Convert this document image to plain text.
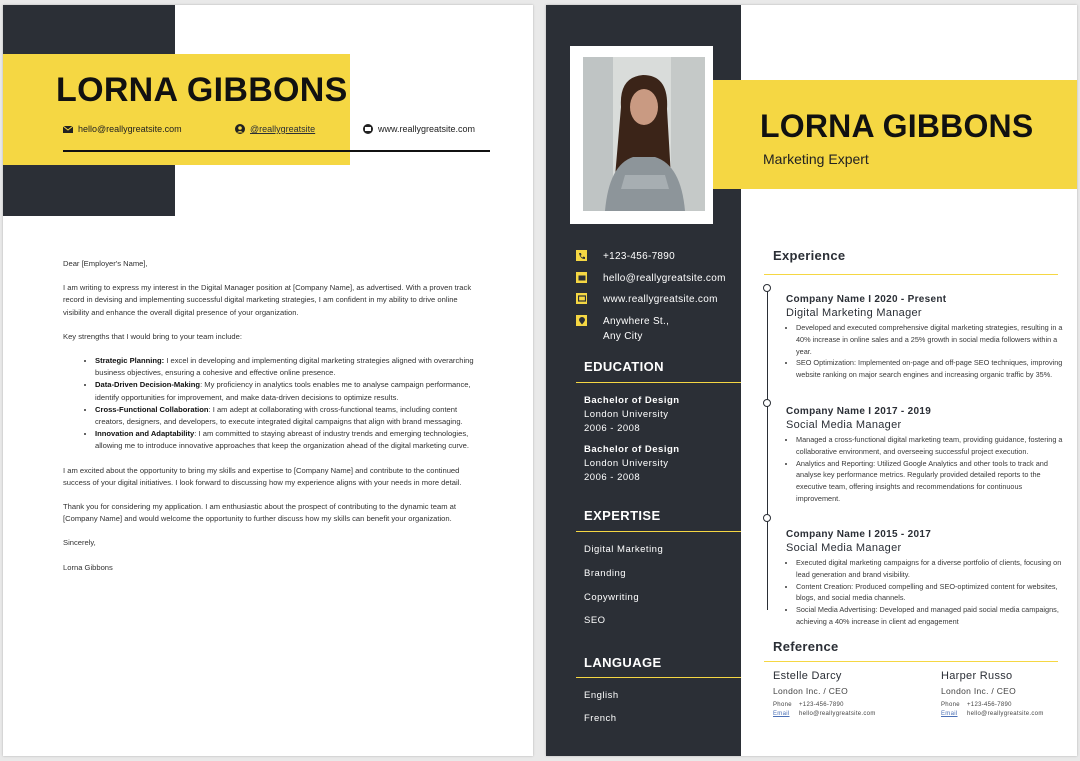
LORNA GIBBONS
hello@reallygreatsite.com	@reallygreatsite	www.reallygreatsite.com

Dear [Employer's Name],

I am writing to express my interest in the Digital Manager position at [Company Name], as advertised. With a proven track record in devising and implementing successful digital marketing strategies, I am confident in my ability to drive online visibility and enhance the overall digital presence of your organization.

Key strengths that I would bring to your team include:

• Strategic Planning: I excel in developing and implementing digital marketing strategies aligned with overarching business objectives, ensuring a cohesive and effective online presence.
• Data-Driven Decision-Making: My proficiency in analytics tools enables me to analyse campaign performance, identify opportunities for improvement, and make data-driven decisions to optimize results.
• Cross-Functional Collaboration: I am adept at collaborating with cross-functional teams, including content creators, designers, and developers, to execute integrated digital campaigns that align with brand messaging.
• Innovation and Adaptability: I am committed to staying abreast of industry trends and emerging technologies, allowing me to introduce innovative approaches that keep the organization ahead of the digital marketing curve.

I am excited about the opportunity to bring my skills and expertise to [Company Name] and contribute to the continued success of your digital initiatives. I look forward to discussing how my experience aligns with your needs in more detail.

Thank you for considering my application. I am enthusiastic about the prospect of contributing to the dynamic team at [Company Name] and would welcome the opportunity to further discuss how my skills can benefit your organization.

Sincerely,

Lorna Gibbons

LORNA GIBBONS
Marketing Expert
+123-456-7890
hello@reallygreatsite.com
www.reallygreatsite.com
Anywhere St.,
Any City
EDUCATION
Bachelor of Design
London University
2006 - 2008
Bachelor of Design
London University
2006 - 2008
EXPERTISE
Digital Marketing
Branding
Copywriting
SEO
LANGUAGE
English
French
Experience
Company Name I 2020 - Present
Digital Marketing Manager
• Developed and executed comprehensive digital marketing strategies, resulting in a 40% increase in online sales and a 25% growth in social media followers within a year.
• SEO Optimization: Implemented on-page and off-page SEO techniques, improving website ranking on major search engines and increasing organic traffic by 35%.
Company Name I 2017 - 2019
Social Media Manager
• Managed a cross-functional digital marketing team, providing guidance, fostering a collaborative environment, and overseeing successful project execution.
• Analytics and Reporting: Utilized Google Analytics and other tools to track and analyse key performance metrics. Regularly provided detailed reports to the executive team, offering insights and recommendations for continuous improvement.
Company Name I 2015 - 2017
Social Media Manager
• Executed digital marketing campaigns for a diverse portfolio of clients, focusing on lead generation and brand visibility.
• Content Creation: Produced compelling and SEO-optimized content for websites, blogs, and social media channels.
• Social Media Advertising: Developed and managed paid social media campaigns, achieving a 40% increase in client ad engagement
Reference
Estelle Darcy
London Inc. / CEO
Phone	+123-456-7890
Email	hello@reallygreatsite.com
Harper Russo
London Inc. / CEO
Phone	+123-456-7890
Email	hello@reallygreatsite.com
